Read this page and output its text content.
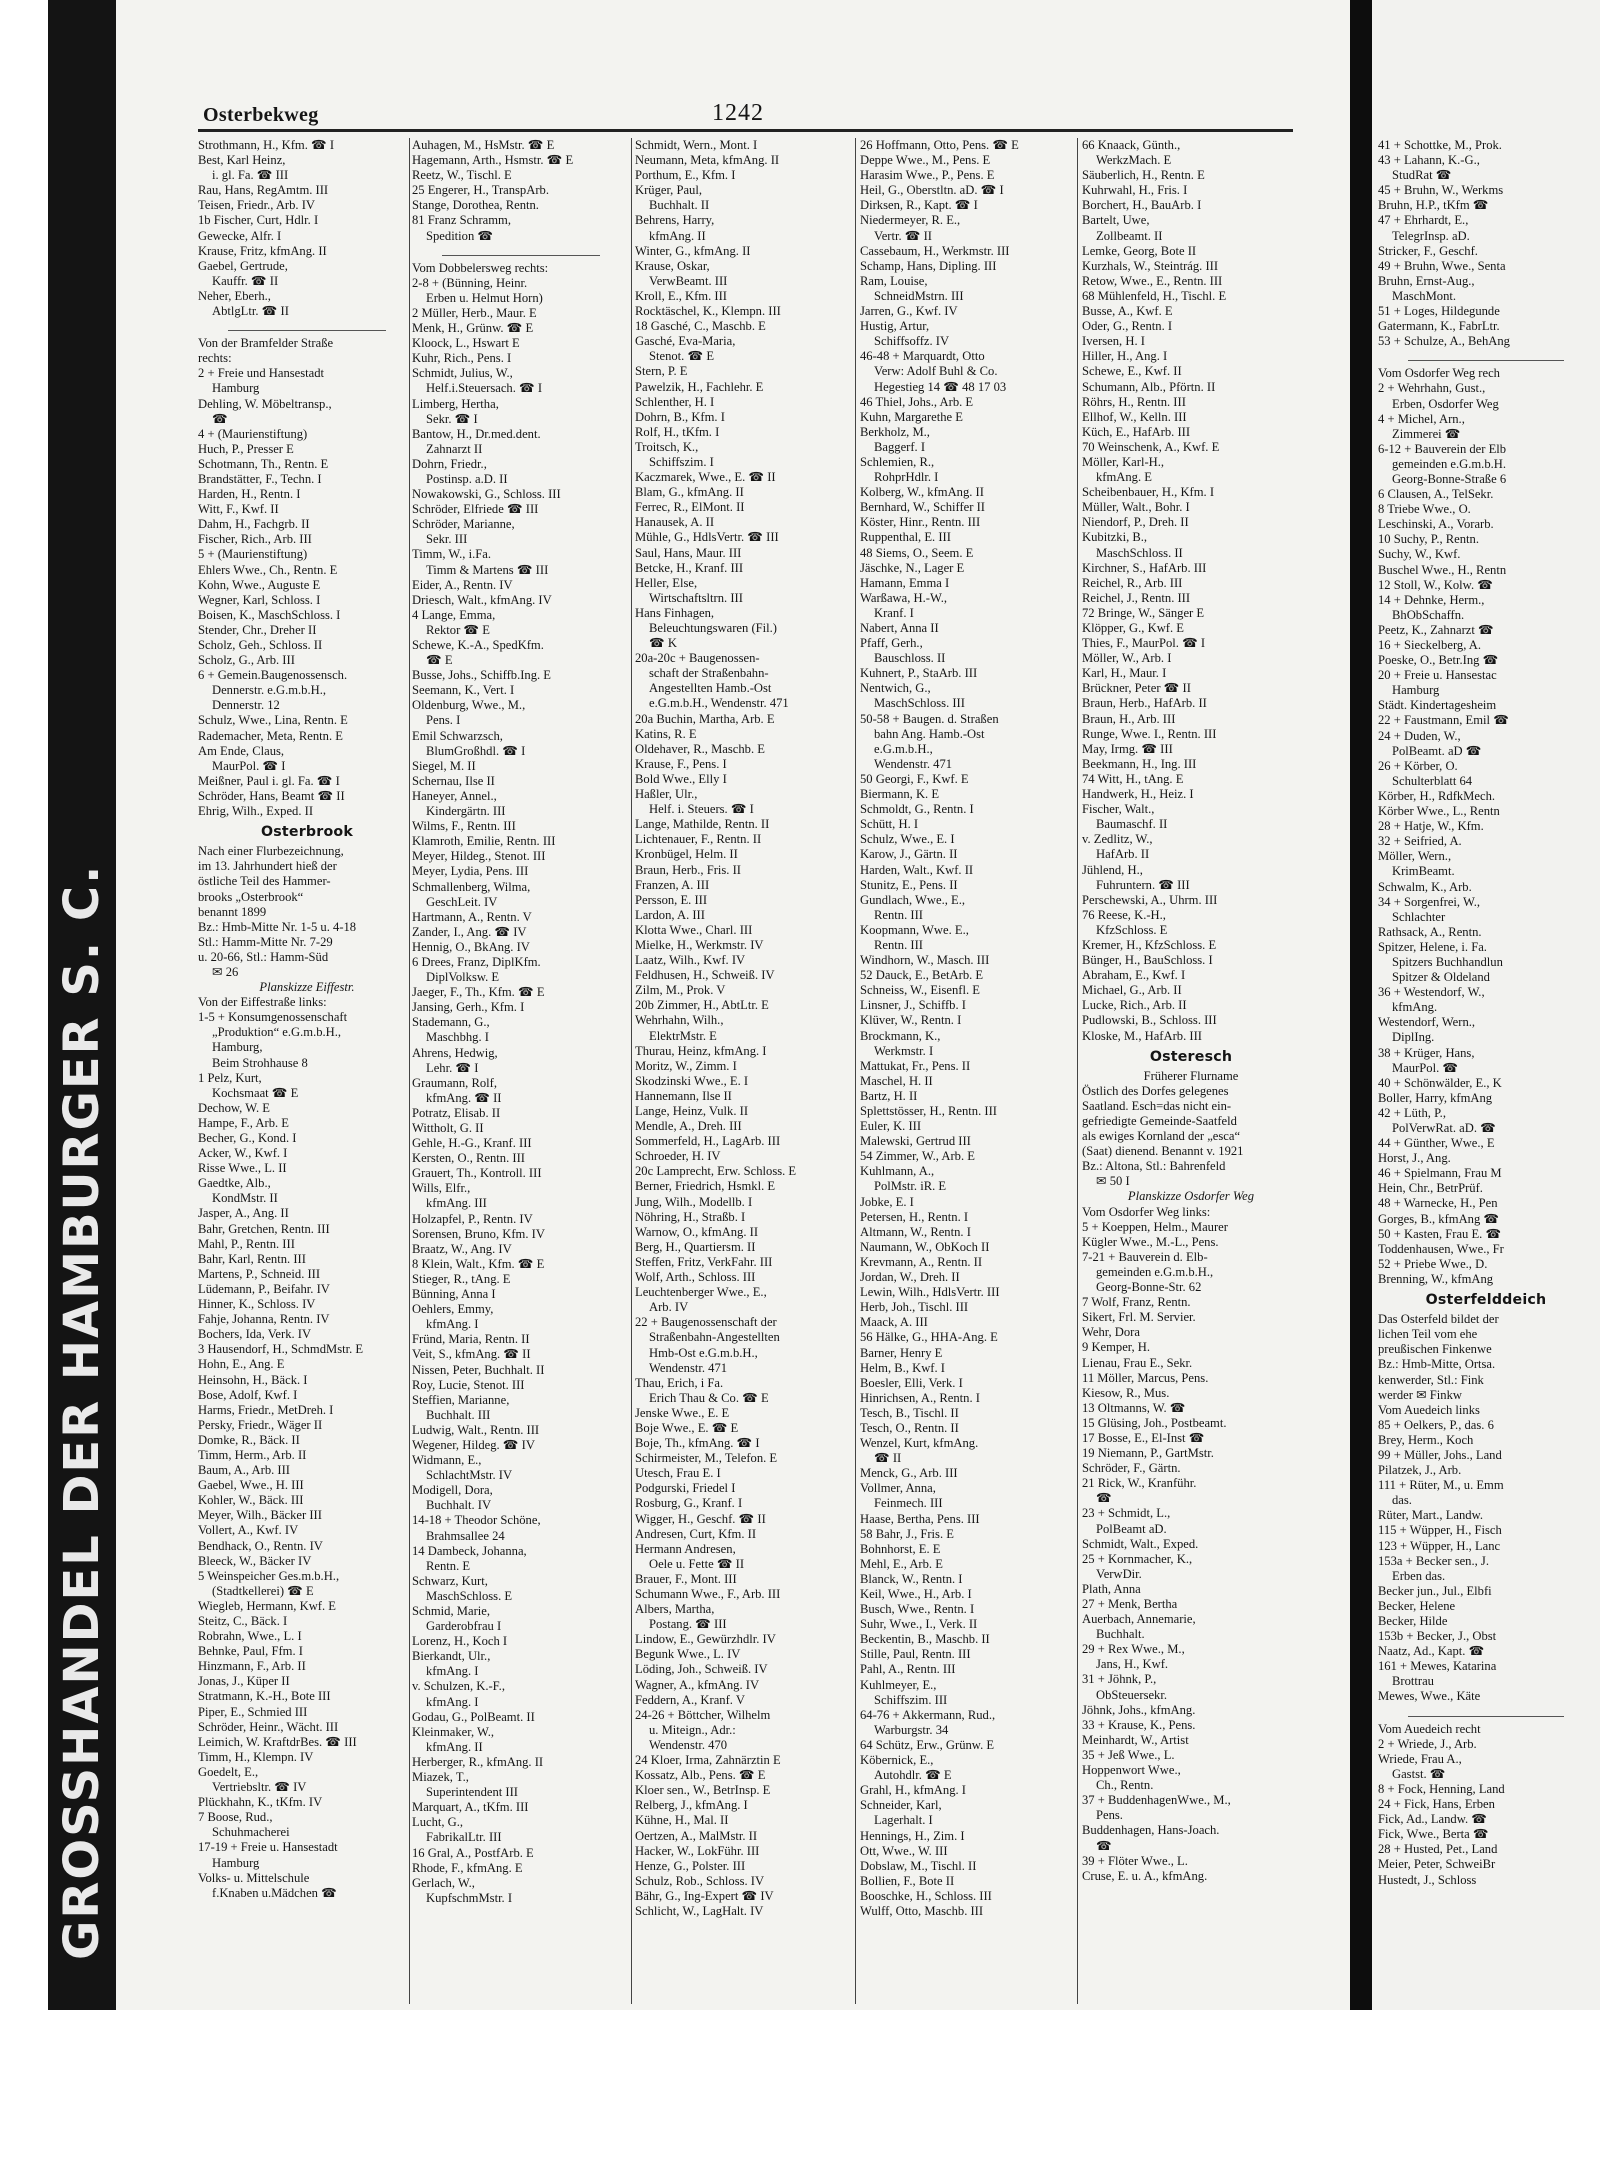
GROSSHANDEL DER HAMBURGER S. C.
Osterbekweg	1242
Strothmann, H., Kfm. ☎ I
Best, Karl Heinz,
i. gl. Fa. ☎ III
Rau, Hans, RegAmtm. III
Teisen, Friedr., Arb. IV
1b Fischer, Curt, Hdlr. I
Gewecke, Alfr. I
Krause, Fritz, kfmAng. II
Gaebel, Gertrude,
Kauffr. ☎ II
Neher, Eberh.,
AbtlgLtr. ☎ II
Von der Bramfelder Straße
rechts:
2 + Freie und Hansestadt
Hamburg
Dehling, W. Möbeltransp.,
☎
4 + (Maurienstiftung)
Huch, P., Presser E
Schotmann, Th., Rentn. E
Brandstätter, F., Techn. I
Harden, H., Rentn. I
Witt, F., Kwf. II
Dahm, H., Fachgrb. II
Fischer, Rich., Arb. III
5 + (Maurienstiftung)
Ehlers Wwe., Ch., Rentn. E
Kohn, Wwe., Auguste E
Wegner, Karl, Schloss. I
Boisen, K., MaschSchloss. I
Stender, Chr., Dreher II
Scholz, Geh., Schloss. II
Scholz, G., Arb. III
6 + Gemein.Baugenossensch.
Dennerstr. e.G.m.b.H.,
Dennerstr. 12
Schulz, Wwe., Lina, Rentn. E
Rademacher, Meta, Rentn. E
Am Ende, Claus,
MaurPol. ☎ I
Meißner, Paul i. gl. Fa. ☎ I
Schröder, Hans, Beamt ☎ II
Ehrig, Wilh., Exped. II
Osterbrook
Nach einer Flurbezeichnung,
im 13. Jahrhundert hieß der
östliche Teil des Hammer-
brooks „Osterbrook“
benannt 1899
Bz.: Hmb-Mitte Nr. 1-5 u. 4-18
Stl.: Hamm-Mitte Nr. 7-29
u. 20-66, Stl.: Hamm-Süd
✉ 26
Planskizze Eiffestr.
Von der Eiffestraße links:
1-5 + Konsumgenossenschaft
„Produktion“ e.G.m.b.H.,
Hamburg,
Beim Strohhause 8
1 Pelz, Kurt,
Kochsmaat ☎ E
Dechow, W. E
Hampe, F., Arb. E
Becher, G., Kond. I
Acker, W., Kwf. I
Risse Wwe., L. II
Gaedtke, Alb.,
KondMstr. II
Jasper, A., Ang. II
Bahr, Gretchen, Rentn. III
Mahl, P., Rentn. III
Bahr, Karl, Rentn. III
Martens, P., Schneid. III
Lüdemann, P., Beifahr. IV
Hinner, K., Schloss. IV
Fahje, Johanna, Rentn. IV
Bochers, Ida, Verk. IV
3 Hausendorf, H., SchmdMstr. E
Hohn, E., Ang. E
Heinsohn, H., Bäck. I
Bose, Adolf, Kwf. I
Harms, Friedr., MetDreh. I
Persky, Friedr., Wäger II
Domke, R., Bäck. II
Timm, Herm., Arb. II
Baum, A., Arb. III
Gaebel, Wwe., H. III
Kohler, W., Bäck. III
Meyer, Wilh., Bäcker III
Vollert, A., Kwf. IV
Bendhack, O., Rentn. IV
Bleeck, W., Bäcker IV
5 Weinspeicher Ges.m.b.H.,
(Stadtkellerei) ☎ E
Wiegleb, Hermann, Kwf. E
Steitz, C., Bäck. I
Robrahn, Wwe., L. I
Behnke, Paul, Ffm. I
Hinzmann, F., Arb. II
Jonas, J., Küper II
Stratmann, K.-H., Bote III
Piper, E., Schmied III
Schröder, Heinr., Wächt. III
Leimich, W. KraftdrBes. ☎ III
Timm, H., Klempn. IV
Goedelt, E.,
Vertriebsltr. ☎ IV
Plückhahn, K., tKfm. IV
7 Boose, Rud.,
Schuhmacherei
17-19 + Freie u. Hansestadt
Hamburg
Volks- u. Mittelschule
f.Knaben u.Mädchen ☎
Auhagen, M., HsMstr. ☎ E
Hagemann, Arth., Hsmstr. ☎ E
Reetz, W., Tischl. E
25 Engerer, H., TranspArb.
Stange, Dorothea, Rentn.
81 Franz Schramm,
Spedition ☎
Vom Dobbelersweg rechts:
2-8 + (Bünning, Heinr.
Erben u. Helmut Horn)
2 Müller, Herb., Maur. E
Menk, H., Grünw. ☎ E
Kloock, L., Hswart E
Kuhr, Rich., Pens. I
Schmidt, Julius, W.,
Helf.i.Steuersach. ☎ I
Limberg, Hertha,
Sekr. ☎ I
Bantow, H., Dr.med.dent.
Zahnarzt II
Dohrn, Friedr.,
Postinsp. a.D. II
Nowakowski, G., Schloss. III
Schröder, Elfriede ☎ III
Schröder, Marianne,
Sekr. III
Timm, W., i.Fa.
Timm & Martens ☎ III
Eider, A., Rentn. IV
Driesch, Walt., kfmAng. IV
4 Lange, Emma,
Rektor ☎ E
Schewe, K.-A., SpedKfm.
☎ E
Busse, Johs., Schiffb.Ing. E
Seemann, K., Vert. I
Oldenburg, Wwe., M.,
Pens. I
Emil Schwarzsch,
BlumGroßhdl. ☎ I
Siegel, M. II
Schernau, Ilse II
Haneyer, Annel.,
Kindergärtn. III
Wilms, F., Rentn. III
Klamroth, Emilie, Rentn. III
Meyer, Hildeg., Stenot. III
Meyer, Lydia, Pens. III
Schmallenberg, Wilma,
GeschLeit. IV
Hartmann, A., Rentn. V
Zander, I., Ang. ☎ IV
Hennig, O., BkAng. IV
6 Drees, Franz, DiplKfm.
DiplVolksw. E
Jaeger, F., Th., Kfm. ☎ E
Jansing, Gerh., Kfm. I
Stademann, G.,
Maschbhg. I
Ahrens, Hedwig,
Lehr. ☎ I
Graumann, Rolf,
kfmAng. ☎ II
Potratz, Elisab. II
Wittholt, G. II
Gehle, H.-G., Kranf. III
Kersten, O., Rentn. III
Grauert, Th., Kontroll. III
Wills, Elfr.,
kfmAng. III
Holzapfel, P., Rentn. IV
Sorensen, Bruno, Kfm. IV
Braatz, W., Ang. IV
8 Klein, Walt., Kfm. ☎ E
Stieger, R., tAng. E
Bünning, Anna I
Oehlers, Emmy,
kfmAng. I
Fründ, Maria, Rentn. II
Veit, S., kfmAng. ☎ II
Nissen, Peter, Buchhalt. II
Roy, Lucie, Stenot. III
Steffien, Marianne,
Buchhalt. III
Ludwig, Walt., Rentn. III
Wegener, Hildeg. ☎ IV
Widmann, E.,
SchlachtMstr. IV
Modigell, Dora,
Buchhalt. IV
14-18 + Theodor Schöne,
Brahmsallee 24
14 Dambeck, Johanna,
Rentn. E
Schwarz, Kurt,
MaschSchloss. E
Schmid, Marie,
Garderobfrau I
Lorenz, H., Koch I
Bierkandt, Ulr.,
kfmAng. I
v. Schulzen, K.-F.,
kfmAng. I
Godau, G., PolBeamt. II
Kleinmaker, W.,
kfmAng. II
Herberger, R., kfmAng. II
Miazek, T.,
Superintendent III
Marquart, A., tKfm. III
Lucht, G.,
FabrikalLtr. III
16 Gral, A., PostfArb. E
Rhode, F., kfmAng. E
Gerlach, W.,
KupfschmMstr. I
Schmidt, Wern., Mont. I
Neumann, Meta, kfmAng. II
Porthum, E., Kfm. I
Krüger, Paul,
Buchhalt. II
Behrens, Harry,
kfmAng. II
Winter, G., kfmAng. II
Krause, Oskar,
VerwBeamt. III
Kroll, E., Kfm. III
Rocktäschel, K., Klempn. III
18 Gasché, C., Maschb. E
Gasché, Eva-Maria,
Stenot. ☎ E
Stern, P. E
Pawelzik, H., Fachlehr. E
Schlenther, H. I
Dohrn, B., Kfm. I
Rolf, H., tKfm. I
Troitsch, K.,
Schiffszim. I
Kaczmarek, Wwe., E. ☎ II
Blam, G., kfmAng. II
Ferrec, R., ElMont. II
Hanausek, A. II
Mühle, G., HdlsVertr. ☎ III
Saul, Hans, Maur. III
Betcke, H., Kranf. III
Heller, Else,
Wirtschaftsltrn. III
Hans Finhagen,
Beleuchtungswaren (Fil.)
☎ K
20a-20c + Baugenossen-
schaft der Straßenbahn-
Angestellten Hamb.-Ost
e.G.m.b.H., Wendenstr. 471
20a Buchin, Martha, Arb. E
Katins, R. E
Oldehaver, R., Maschb. E
Krause, F., Pens. I
Bold Wwe., Elly I
Haßler, Ulr.,
Helf. i. Steuers. ☎ I
Lange, Mathilde, Rentn. II
Lichtenauer, F., Rentn. II
Kronbügel, Helm. II
Braun, Herb., Fris. II
Franzen, A. III
Persson, E. III
Lardon, A. III
Klotta Wwe., Charl. III
Mielke, H., Werkmstr. IV
Laatz, Wilh., Kwf. IV
Feldhusen, H., Schweiß. IV
Zilm, M., Prok. V
20b Zimmer, H., AbtLtr. E
Wehrhahn, Wilh.,
ElektrMstr. E
Thurau, Heinz, kfmAng. I
Moritz, W., Zimm. I
Skodzinski Wwe., E. I
Hannemann, Ilse II
Lange, Heinz, Vulk. II
Mendle, A., Dreh. III
Sommerfeld, H., LagArb. III
Schroeder, H. IV
20c Lamprecht, Erw. Schloss. E
Berner, Friedrich, Hsmkl. E
Jung, Wilh., Modellb. I
Nöhring, H., Straßb. I
Warnow, O., kfmAng. II
Berg, H., Quartiersm. II
Steffen, Fritz, VerkFahr. III
Wolf, Arth., Schloss. III
Leuchtenberger Wwe., E.,
Arb. IV
22 + Baugenossenschaft der
Straßenbahn-Angestellten
Hmb-Ost e.G.m.b.H.,
Wendenstr. 471
Thau, Erich, i Fa.
Erich Thau & Co. ☎ E
Jenske Wwe., E. E
Boje Wwe., E. ☎ E
Boje, Th., kfmAng. ☎ I
Schirmeister, M., Telefon. E
Utesch, Frau E. I
Podgurski, Friedel I
Rosburg, G., Kranf. I
Wigger, H., Geschf. ☎ II
Andresen, Curt, Kfm. II
Hermann Andresen,
Oele u. Fette ☎ II
Brauer, F., Mont. III
Schumann Wwe., F., Arb. III
Albers, Martha,
Postang. ☎ III
Lindow, E., Gewürzhdlr. IV
Begunk Wwe., L. IV
Löding, Joh., Schweiß. IV
Wagner, A., kfmAng. IV
Feddern, A., Kranf. V
24-26 + Böttcher, Wilhelm
u. Miteign., Adr.:
Wendenstr. 470
24 Kloer, Irma, Zahnärztin E
Kossatz, Alb., Pens. ☎ E
Kloer sen., W., BetrInsp. E
Relberg, J., kfmAng. I
Kühne, H., Mal. II
Oertzen, A., MalMstr. II
Hacker, W., LokFühr. III
Henze, G., Polster. III
Schulz, Rob., Schloss. IV
Bähr, G., Ing-Expert ☎ IV
Schlicht, W., LagHalt. IV
26 Hoffmann, Otto, Pens. ☎ E
Deppe Wwe., M., Pens. E
Harasim Wwe., P., Pens. E
Heil, G., Oberstltn. aD. ☎ I
Dirksen, R., Kapt. ☎ I
Niedermeyer, R. E.,
Vertr. ☎ II
Cassebaum, H., Werkmstr. III
Schamp, Hans, Dipling. III
Ram, Louise,
SchneidMstrn. III
Jarren, G., Kwf. IV
Hustig, Artur,
Schiffsoffz. IV
46-48 + Marquardt, Otto
Verw: Adolf Buhl & Co.
Hegestieg 14 ☎ 48 17 03
46 Thiel, Johs., Arb. E
Kuhn, Margarethe E
Berkholz, M.,
Baggerf. I
Schlemien, R.,
RohprHdlr. I
Kolberg, W., kfmAng. II
Bernhard, W., Schiffer II
Köster, Hinr., Rentn. III
Ruppenthal, E. III
48 Siems, O., Seem. E
Jäschke, N., Lager E
Hamann, Emma I
Warßawa, H.-W.,
Kranf. I
Nabert, Anna II
Pfaff, Gerh.,
Bauschloss. II
Kuhnert, P., StaArb. III
Nentwich, G.,
MaschSchloss. III
50-58 + Baugen. d. Straßen
bahn Ang. Hamb.-Ost
e.G.m.b.H.,
Wendenstr. 471
50 Georgi, F., Kwf. E
Biermann, K. E
Schmoldt, G., Rentn. I
Schütt, H. I
Schulz, Wwe., E. I
Karow, J., Gärtn. II
Harden, Walt., Kwf. II
Stunitz, E., Pens. II
Gundlach, Wwe., E.,
Rentn. III
Koopmann, Wwe. E.,
Rentn. III
Windhorn, W., Masch. III
52 Dauck, E., BetArb. E
Schneiss, W., Eisenfl. E
Linsner, J., Schiffb. I
Klüver, W., Rentn. I
Brockmann, K.,
Werkmstr. I
Mattukat, Fr., Pens. II
Maschel, H. II
Bartz, H. II
Splettstösser, H., Rentn. III
Euler, K. III
Malewski, Gertrud III
54 Zimmer, W., Arb. E
Kuhlmann, A.,
PolMstr. iR. E
Jobke, E. I
Petersen, H., Rentn. I
Altmann, W., Rentn. I
Naumann, W., ObKoch II
Krevmann, A., Rentn. II
Jordan, W., Dreh. II
Lewin, Wilh., HdlsVertr. III
Herb, Joh., Tischl. III
Maack, A. III
56 Hälke, G., HHA-Ang. E
Barner, Henry E
Helm, B., Kwf. I
Boesler, Elli, Verk. I
Hinrichsen, A., Rentn. I
Tesch, B., Tischl. II
Tesch, O., Rentn. II
Wenzel, Kurt, kfmAng.
☎ II
Menck, G., Arb. III
Vollmer, Anna,
Feinmech. III
Haase, Bertha, Pens. III
58 Bahr, J., Fris. E
Bohnhorst, E. E
Mehl, E., Arb. E
Blanck, W., Rentn. I
Keil, Wwe., H., Arb. I
Busch, Wwe., Rentn. I
Suhr, Wwe., I., Verk. II
Beckentin, B., Maschb. II
Stille, Paul, Rentn. III
Pahl, A., Rentn. III
Kuhlmeyer, E.,
Schiffszim. III
64-76 + Akkermann, Rud.,
Warburgstr. 34
64 Schütz, Erw., Grünw. E
Köbernick, E.,
Autohdlr. ☎ E
Grahl, H., kfmAng. I
Schneider, Karl,
Lagerhalt. I
Hennings, H., Zim. I
Ott, Wwe., W. III
Dobslaw, M., Tischl. II
Bollien, F., Bote II
Booschke, H., Schloss. III
Wulff, Otto, Maschb. III
66 Knaack, Günth.,
WerkzMach. E
Säuberlich, H., Rentn. E
Kuhrwahl, H., Fris. I
Borchert, H., BauArb. I
Bartelt, Uwe,
Zollbeamt. II
Lemke, Georg, Bote II
Kurzhals, W., Steintrág. III
Retow, Wwe., E., Rentn. III
68 Mühlenfeld, H., Tischl. E
Busse, A., Kwf. E
Oder, G., Rentn. I
Iversen, H. I
Hiller, H., Ang. I
Schewe, E., Kwf. II
Schumann, Alb., Pförtn. II
Röhrs, H., Rentn. III
Ellhof, W., Kelln. III
Küch, E., HafArb. III
70 Weinschenk, A., Kwf. E
Möller, Karl-H.,
kfmAng. E
Scheibenbauer, H., Kfm. I
Müller, Walt., Bohr. I
Niendorf, P., Dreh. II
Kubitzki, B.,
MaschSchloss. II
Kirchner, S., HafArb. III
Reichel, R., Arb. III
Reichel, J., Rentn. III
72 Bringe, W., Sänger E
Klöpper, G., Kwf. E
Thies, F., MaurPol. ☎ I
Möller, W., Arb. I
Karl, H., Maur. I
Brückner, Peter ☎ II
Braun, Herb., HafArb. II
Braun, H., Arb. III
Runge, Wwe. I., Rentn. III
May, Irmg. ☎ III
Beekmann, H., Ing. III
74 Witt, H., tAng. E
Handwerk, H., Heiz. I
Fischer, Walt.,
Baumaschf. II
v. Zedlitz, W.,
HafArb. II
Jühlend, H.,
Fuhruntern. ☎ III
Perschewski, A., Uhrm. III
76 Reese, K.-H.,
KfzSchloss. E
Kremer, H., KfzSchloss. E
Bünger, H., BauSchloss. I
Abraham, E., Kwf. I
Michael, G., Arb. II
Lucke, Rich., Arb. II
Pudlowski, B., Schloss. III
Kloske, M., HafArb. III
Osteresch
Früherer Flurname
Östlich des Dorfes gelegenes
Saatland. Esch=das nicht ein-
gefriedigte Gemeinde-Saatfeld
als ewiges Kornland der „esca“
(Saat) dienend. Benannt v. 1921
Bz.: Altona, Stl.: Bahrenfeld
✉ 50 I
Planskizze Osdorfer Weg
Vom Osdorfer Weg links:
5 + Koeppen, Helm., Maurer
Kügler Wwe., M.-L., Pens.
7-21 + Bauverein d. Elb-
gemeinden e.G.m.b.H.,
Georg-Bonne-Str. 62
7 Wolf, Franz, Rentn.
Sikert, Frl. M. Servier.
Wehr, Dora
9 Kemper, H.
Lienau, Frau E., Sekr.
11 Möller, Marcus, Pens.
Kiesow, R., Mus.
13 Oltmanns, W. ☎
15 Glüsing, Joh., Postbeamt.
17 Bosse, E., El-Inst ☎
19 Niemann, P., GartMstr.
Schröder, F., Gärtn.
21 Rick, W., Kranführ.
☎
23 + Schmidt, L.,
PolBeamt aD.
Schmidt, Walt., Exped.
25 + Kornmacher, K.,
VerwDir.
Plath, Anna
27 + Menk, Bertha
Auerbach, Annemarie,
Buchhalt.
29 + Rex Wwe., M.,
Jans, H., Kwf.
31 + Jöhnk, P.,
ObSteuersekr.
Jöhnk, Johs., kfmAng.
33 + Krause, K., Pens.
Meinhardt, W., Artist
35 + Jeß Wwe., L.
Hoppenwort Wwe.,
Ch., Rentn.
37 + BuddenhagenWwe., M.,
Pens.
Buddenhagen, Hans-Joach.
☎
39 + Flöter Wwe., L.
Cruse, E. u. A., kfmAng.
41 + Schottke, M., Prok.
43 + Lahann, K.-G.,
StudRat ☎
45 + Bruhn, W., Werkms
Bruhn, H.P., tKfm ☎
47 + Ehrhardt, E.,
TelegrInsp. aD.
Stricker, F., Geschf.
49 + Bruhn, Wwe., Senta
Bruhn, Ernst-Aug.,
MaschMont.
51 + Loges, Hildegunde
Gatermann, K., FabrLtr.
53 + Schulze, A., BehAng
Vom Osdorfer Weg rech
2 + Wehrhahn, Gust.,
Erben, Osdorfer Weg
4 + Michel, Arn.,
Zimmerei ☎
6-12 + Bauverein der Elb
gemeinden e.G.m.b.H.
Georg-Bonne-Straße 6
6 Clausen, A., TelSekr.
8 Triebe Wwe., O.
Leschinski, A., Vorarb.
10 Suchy, P., Rentn.
Suchy, W., Kwf.
Buschel Wwe., H., Rentn
12 Stoll, W., Kolw. ☎
14 + Dehnke, Herm.,
BhObSchaffn.
Peetz, K., Zahnarzt ☎
16 + Sieckelberg, A.
Poeske, O., Betr.Ing ☎
20 + Freie u. Hansestac
Hamburg
Städt. Kindertagesheim
22 + Faustmann, Emil ☎
24 + Duden, W.,
PolBeamt. aD ☎
26 + Körber, O.
Schulterblatt 64
Körber, H., RdfkMech.
Körber Wwe., L., Rentn
28 + Hatje, W., Kfm.
32 + Seifried, A.
Möller, Wern.,
KrimBeamt.
Schwalm, K., Arb.
34 + Sorgenfrei, W.,
Schlachter
Rathsack, A., Rentn.
Spitzer, Helene, i. Fa.
Spitzers Buchhandlun
Spitzer & Oldeland
36 + Westendorf, W.,
kfmAng.
Westendorf, Wern.,
DiplIng.
38 + Krüger, Hans,
MaurPol. ☎
40 + Schönwälder, E., K
Boller, Harry, kfmAng
42 + Lüth, P.,
PolVerwRat. aD. ☎
44 + Günther, Wwe., E
Horst, J., Ang.
46 + Spielmann, Frau M
Hein, Chr., BetrPrüf.
48 + Warnecke, H., Pen
Gorges, B., kfmAng ☎
50 + Kasten, Frau E. ☎
Toddenhausen, Wwe., Fr
52 + Priebe Wwe., D.
Brenning, W., kfmAng
Osterfelddeich
Das Osterfeld bildet der
lichen Teil vom ehe
preußischen Finkenwe
Bz.: Hmb-Mitte, Ortsa.
kenwerder, Stl.: Fink
werder ✉ Finkw
Vom Auedeich links
85 + Oelkers, P., das. 6
Brey, Herm., Koch
99 + Müller, Johs., Land
Pilatzek, J., Arb.
111 + Rüter, M., u. Emm
das.
Rüter, Mart., Landw.
115 + Wüpper, H., Fisch
123 + Wüpper, H., Lanc
153a + Becker sen., J.
Erben das.
Becker jun., Jul., Elbfi
Becker, Helene
Becker, Hilde
153b + Becker, J., Obst
Naatz, Ad., Kapt. ☎
161 + Mewes, Katarina
Brottrau
Mewes, Wwe., Käte
Vom Auedeich recht
2 + Wriede, J., Arb.
Wriede, Frau A.,
Gastst. ☎
8 + Fock, Henning, Land
24 + Fick, Hans, Erben
Fick, Ad., Landw. ☎
Fick, Wwe., Berta ☎
28 + Husted, Pet., Land
Meier, Peter, SchweiBr
Hustedt, J., Schloss
